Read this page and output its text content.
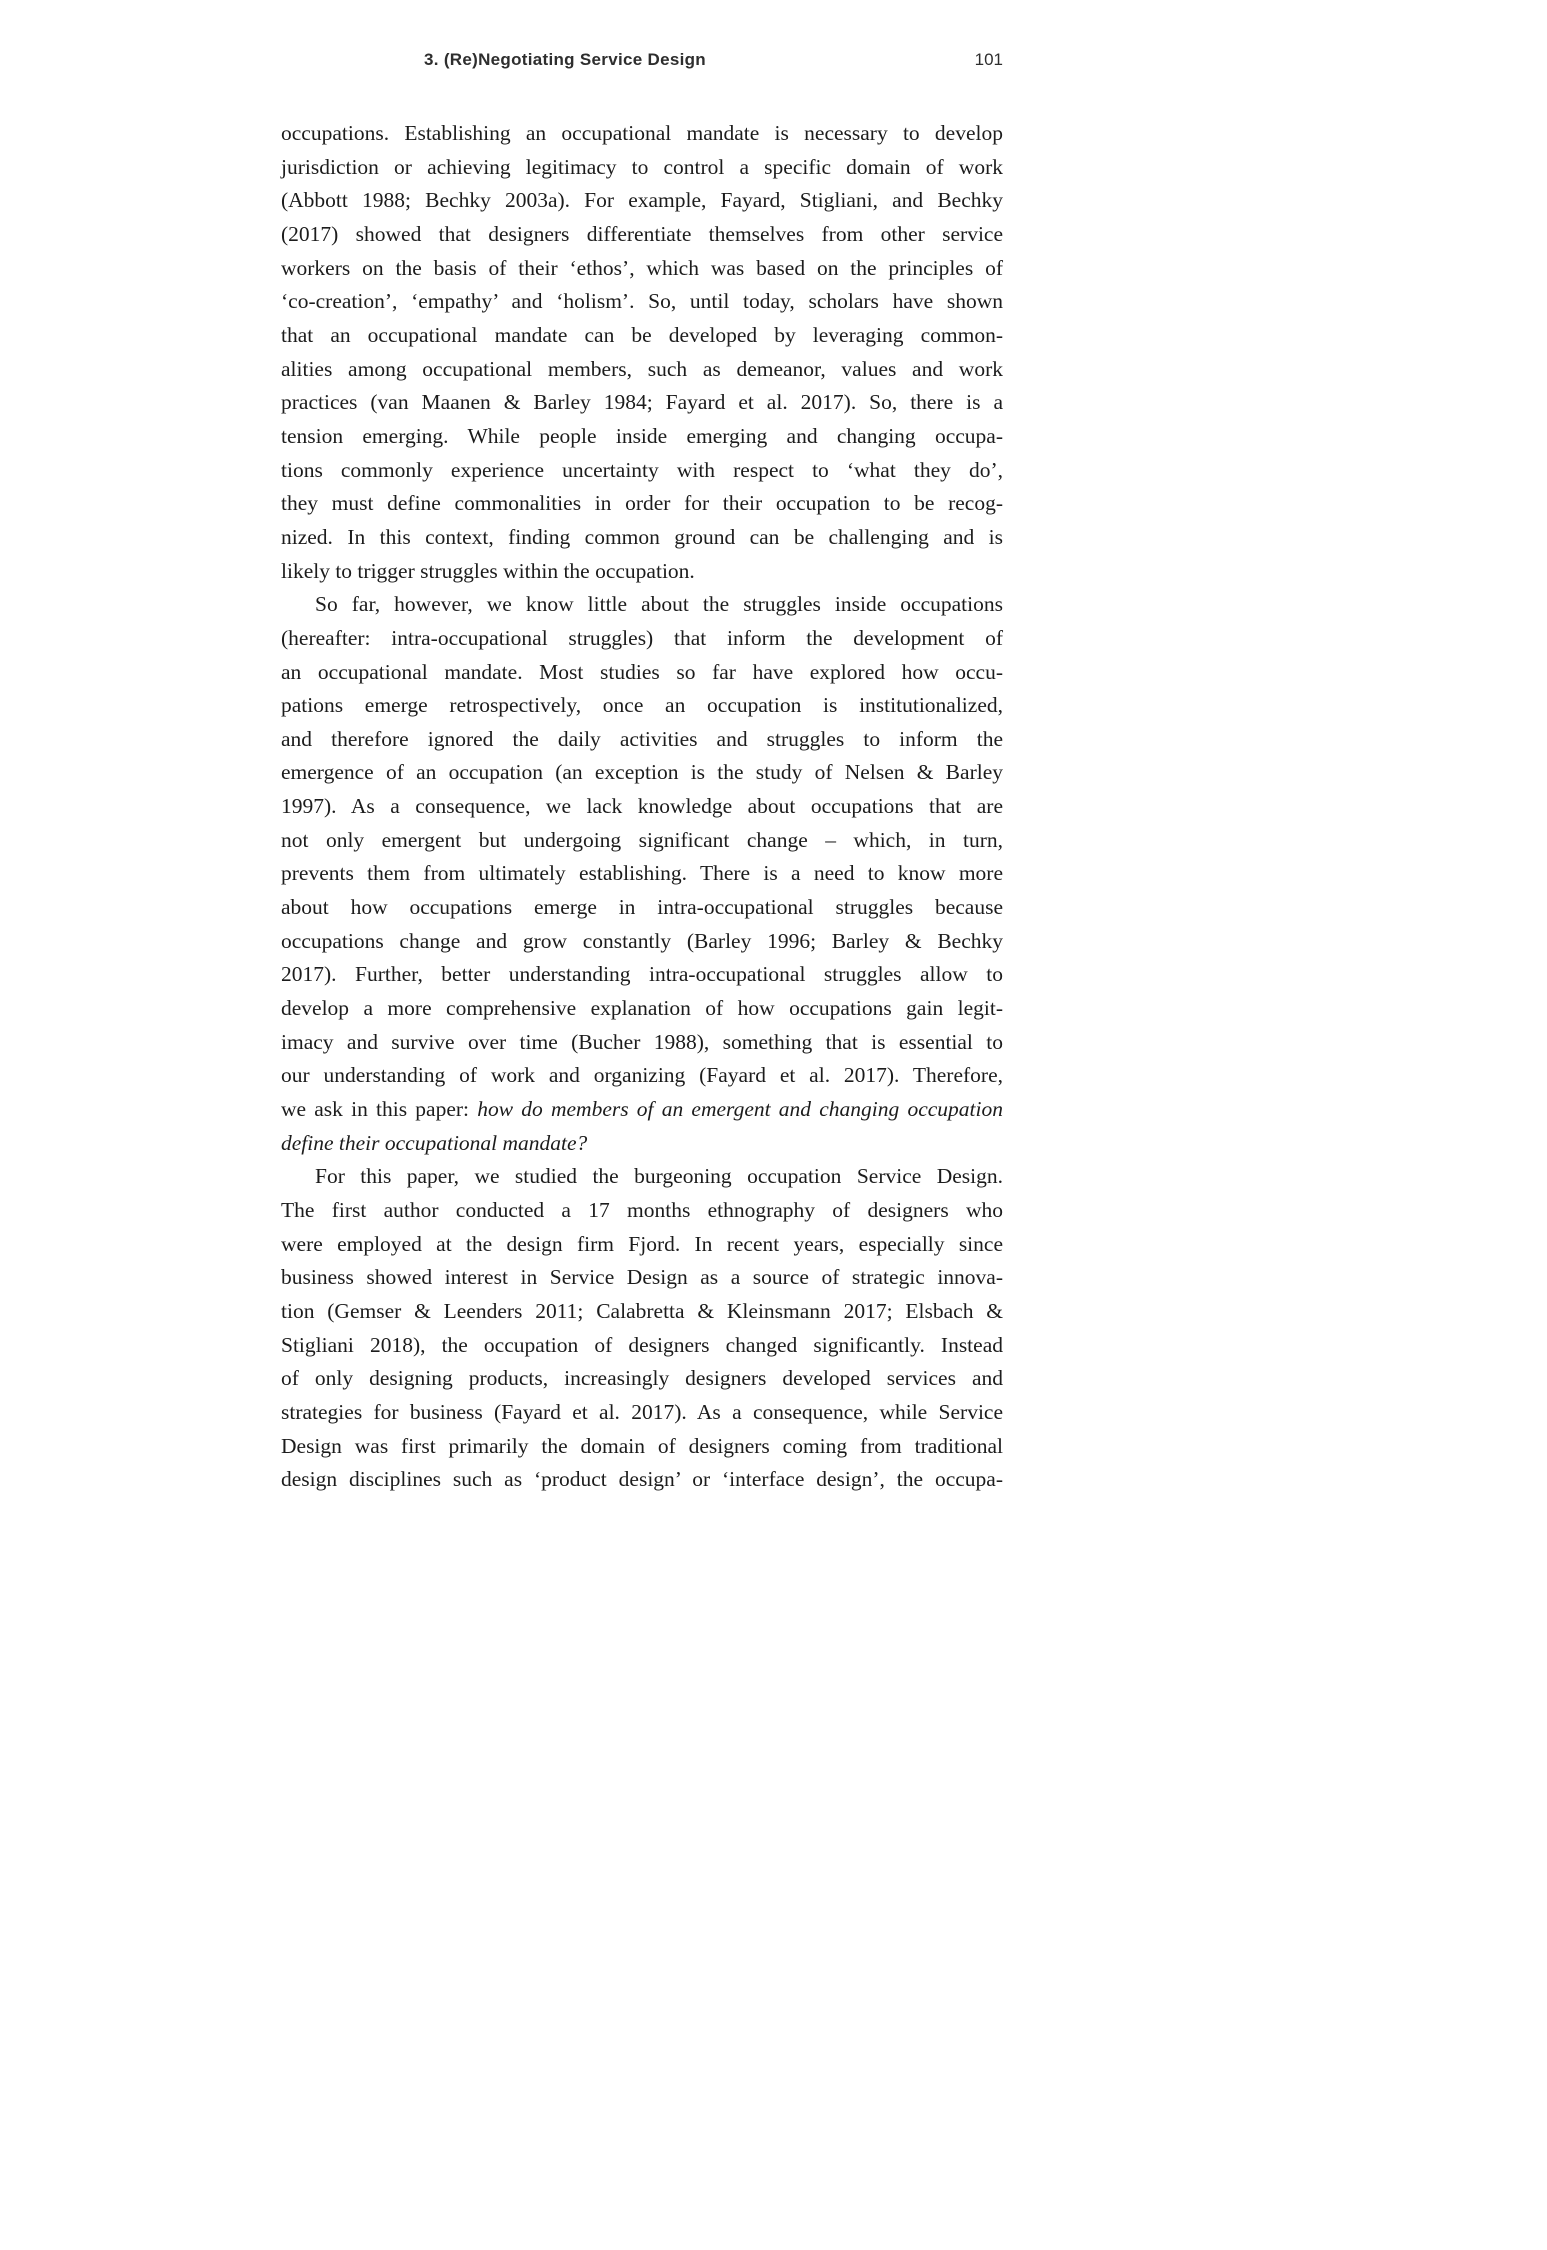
3. (Re)Negotiating Service Design	101
occupations. Establishing an occupational mandate is necessary to develop
jurisdiction or achieving legitimacy to control a specific domain of work
(Abbott 1988; Bechky 2003a). For example, Fayard, Stigliani, and Bechky
(2017) showed that designers differentiate themselves from other service
workers on the basis of their ‘ethos’, which was based on the principles of
‘co-creation’, ‘empathy’ and ‘holism’. So, until today, scholars have shown
that an occupational mandate can be developed by leveraging common-
alities among occupational members, such as demeanor, values and work
practices (van Maanen & Barley 1984; Fayard et al. 2017). So, there is a
tension emerging. While people inside emerging and changing occupa-
tions commonly experience uncertainty with respect to ‘what they do’,
they must define commonalities in order for their occupation to be recog-
nized. In this context, finding common ground can be challenging and is
likely to trigger struggles within the occupation.
So far, however, we know little about the struggles inside occupations
(hereafter: intra-occupational struggles) that inform the development of
an occupational mandate. Most studies so far have explored how occu-
pations emerge retrospectively, once an occupation is institutionalized,
and therefore ignored the daily activities and struggles to inform the
emergence of an occupation (an exception is the study of Nelsen & Barley
1997). As a consequence, we lack knowledge about occupations that are
not only emergent but undergoing significant change – which, in turn,
prevents them from ultimately establishing. There is a need to know more
about how occupations emerge in intra-occupational struggles because
occupations change and grow constantly (Barley 1996; Barley & Bechky
2017). Further, better understanding intra-occupational struggles allow to
develop a more comprehensive explanation of how occupations gain legit-
imacy and survive over time (Bucher 1988), something that is essential to
our understanding of work and organizing (Fayard et al. 2017). Therefore,
we ask in this paper: how do members of an emergent and changing occupation
define their occupational mandate?
For this paper, we studied the burgeoning occupation Service Design.
The first author conducted a 17 months ethnography of designers who
were employed at the design firm Fjord. In recent years, especially since
business showed interest in Service Design as a source of strategic innova-
tion (Gemser & Leenders 2011; Calabretta & Kleinsmann 2017; Elsbach &
Stigliani 2018), the occupation of designers changed significantly. Instead
of only designing products, increasingly designers developed services and
strategies for business (Fayard et al. 2017). As a consequence, while Service
Design was first primarily the domain of designers coming from traditional
design disciplines such as ‘product design’ or ‘interface design’, the occupa-
